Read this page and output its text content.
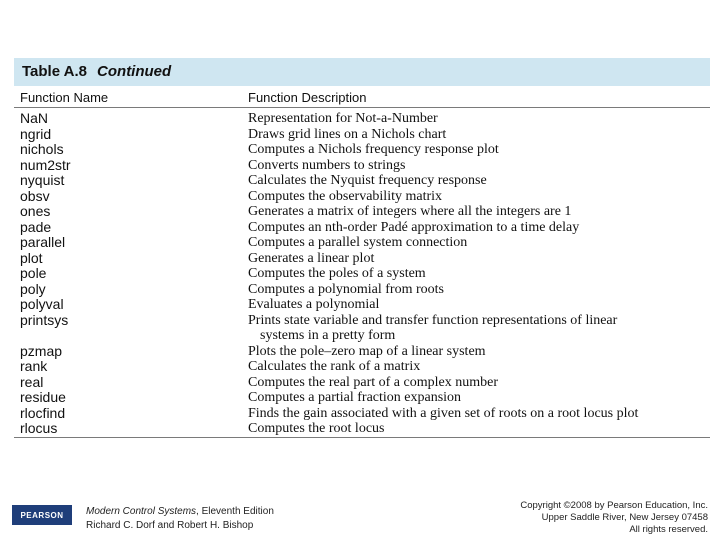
Table A.8 Continued
Function Name	Function Description
NaN	Representation for Not-a-Number
ngrid	Draws grid lines on a Nichols chart
nichols	Computes a Nichols frequency response plot
num2str	Converts numbers to strings
nyquist	Calculates the Nyquist frequency response
obsv	Computes the observability matrix
ones	Generates a matrix of integers where all the integers are 1
pade	Computes an nth-order Padé approximation to a time delay
parallel	Computes a parallel system connection
plot	Generates a linear plot
pole	Computes the poles of a system
poly	Computes a polynomial from roots
polyval	Evaluates a polynomial
printsys	Prints state variable and transfer function representations of linear
systems in a pretty form
pzmap	Plots the pole–zero map of a linear system
rank	Calculates the rank of a matrix
real	Computes the real part of a complex number
residue	Computes a partial fraction expansion
rlocfind	Finds the gain associated with a given set of roots on a root locus plot
rlocus	Computes the root locus
PEARSON	Modern Control Systems, Eleventh Edition
Richard C. Dorf and Robert H. Bishop
Copyright ©2008 by Pearson Education, Inc.
Upper Saddle River, New Jersey 07458
All rights reserved.
